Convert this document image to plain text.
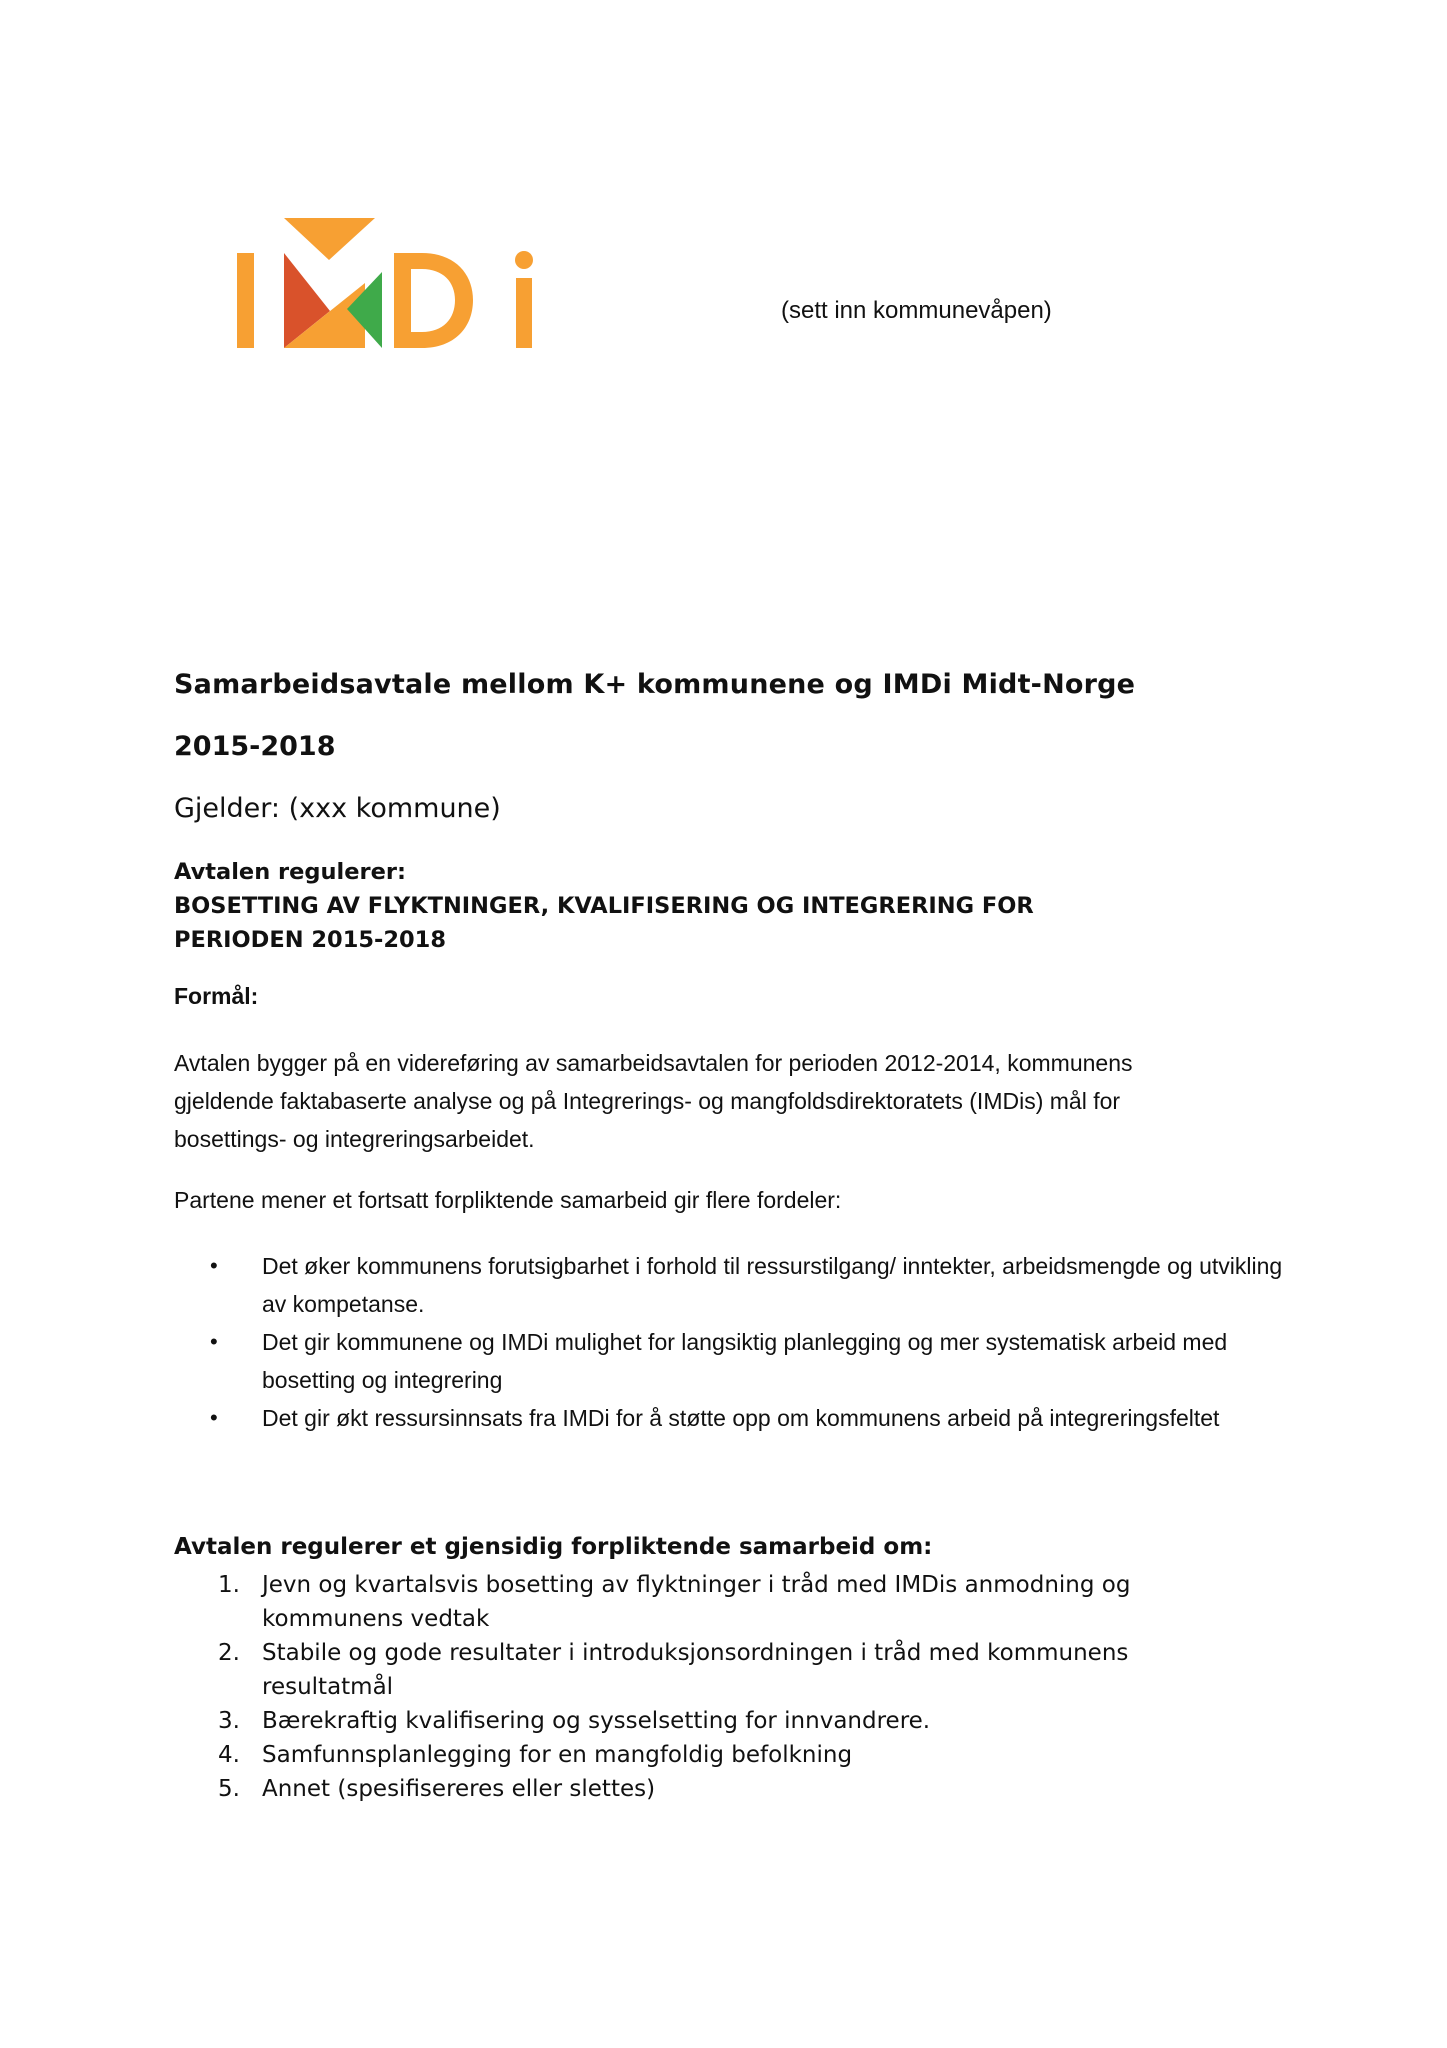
(sett inn kommunevåpen)
Samarbeidsavtale mellom K+ kommunene og IMDi Midt-Norge
2015-2018
Gjelder: (xxx kommune)
Avtalen regulerer:
BOSETTING AV FLYKTNINGER, KVALIFISERING OG INTEGRERING FOR
PERIODEN 2015-2018
Formål:
Avtalen bygger på en videreføring av samarbeidsavtalen for perioden 2012-2014, kommunens gjeldende faktabaserte analyse og på Integrerings- og mangfoldsdirektoratets (IMDis) mål for bosettings- og integreringsarbeidet.
Partene mener et fortsatt forpliktende samarbeid gir flere fordeler:
•	Det øker kommunens forutsigbarhet i forhold til ressurstilgang/ inntekter, arbeidsmengde og utvikling av kompetanse.
•	Det gir kommunene og IMDi mulighet for langsiktig planlegging og mer systematisk arbeid med bosetting og integrering
•	Det gir økt ressursinnsats fra IMDi for å støtte opp om kommunens arbeid på integreringsfeltet
Avtalen regulerer et gjensidig forpliktende samarbeid om:
1. Jevn og kvartalsvis bosetting av flyktninger i tråd med IMDis anmodning og kommunens vedtak
2. Stabile og gode resultater i introduksjonsordningen i tråd med kommunens resultatmål
3. Bærekraftig kvalifisering og sysselsetting for innvandrere.
4. Samfunnsplanlegging for en mangfoldig befolkning
5. Annet (spesifisereres eller slettes)
